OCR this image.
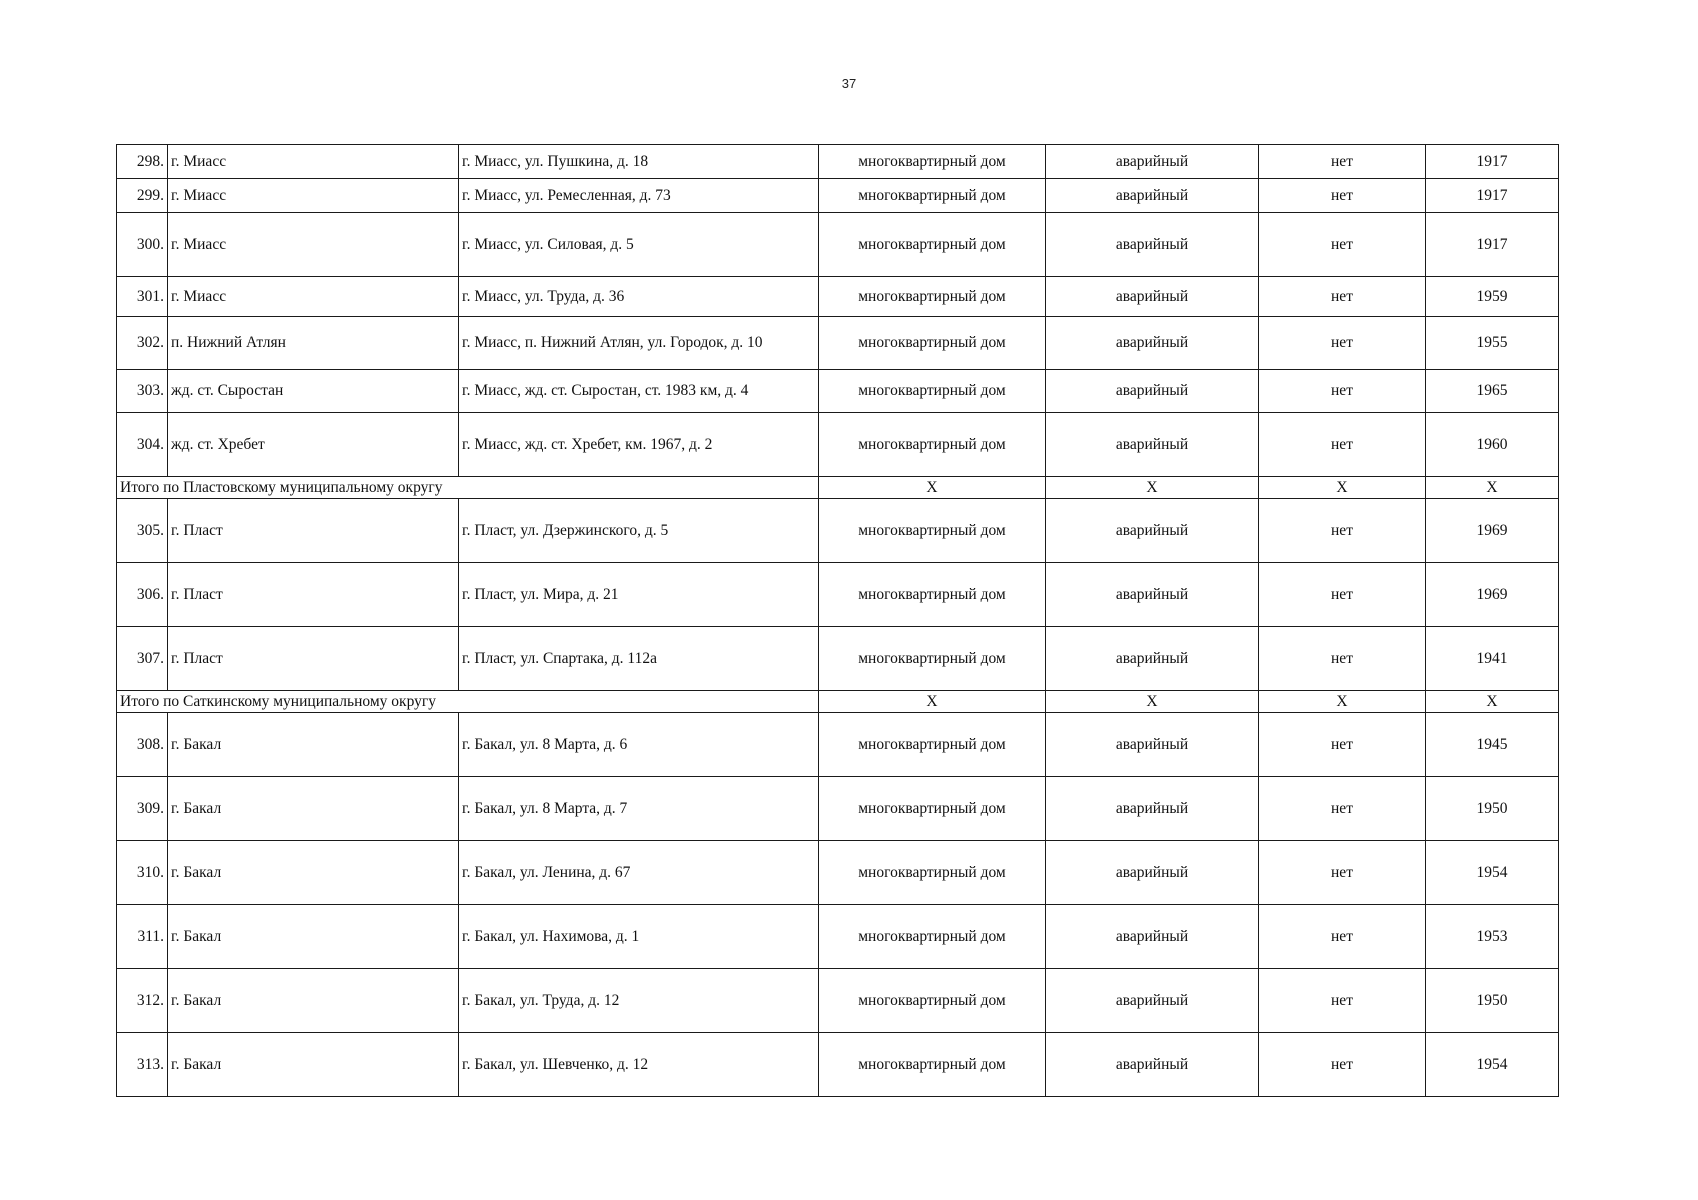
37
298.	г. Миасс	г. Миасс, ул. Пушкина, д. 18	многоквартирный дом	аварийный	нет	1917
299.	г. Миасс	г. Миасс, ул. Ремесленная, д. 73	многоквартирный дом	аварийный	нет	1917
300.	г. Миасс	г. Миасс, ул. Силовая, д. 5	многоквартирный дом	аварийный	нет	1917
301.	г. Миасс	г. Миасс, ул. Труда, д. 36	многоквартирный дом	аварийный	нет	1959
302.	п. Нижний Атлян	г. Миасс, п. Нижний Атлян, ул. Городок, д. 10	многоквартирный дом	аварийный	нет	1955
303.	жд. ст. Сыростан	г. Миасс, жд. ст. Сыростан, ст. 1983 км, д. 4	многоквартирный дом	аварийный	нет	1965
304.	жд. ст. Хребет	г. Миасс, жд. ст. Хребет, км. 1967, д. 2	многоквартирный дом	аварийный	нет	1960
Итого по Пластовскому муниципальному округу			X	X	X	X
305.	г. Пласт	г. Пласт, ул. Дзержинского, д. 5	многоквартирный дом	аварийный	нет	1969
306.	г. Пласт	г. Пласт, ул. Мира, д. 21	многоквартирный дом	аварийный	нет	1969
307.	г. Пласт	г. Пласт, ул. Спартака, д. 112а	многоквартирный дом	аварийный	нет	1941
Итого по Саткинскому муниципальному округу			X	X	X	X
308.	г. Бакал	г. Бакал, ул. 8 Марта, д. 6	многоквартирный дом	аварийный	нет	1945
309.	г. Бакал	г. Бакал, ул. 8 Марта, д. 7	многоквартирный дом	аварийный	нет	1950
310.	г. Бакал	г. Бакал, ул. Ленина, д. 67	многоквартирный дом	аварийный	нет	1954
311.	г. Бакал	г. Бакал, ул. Нахимова, д. 1	многоквартирный дом	аварийный	нет	1953
312.	г. Бакал	г. Бакал, ул. Труда, д. 12	многоквартирный дом	аварийный	нет	1950
313.	г. Бакал	г. Бакал, ул. Шевченко, д. 12	многоквартирный дом	аварийный	нет	1954
